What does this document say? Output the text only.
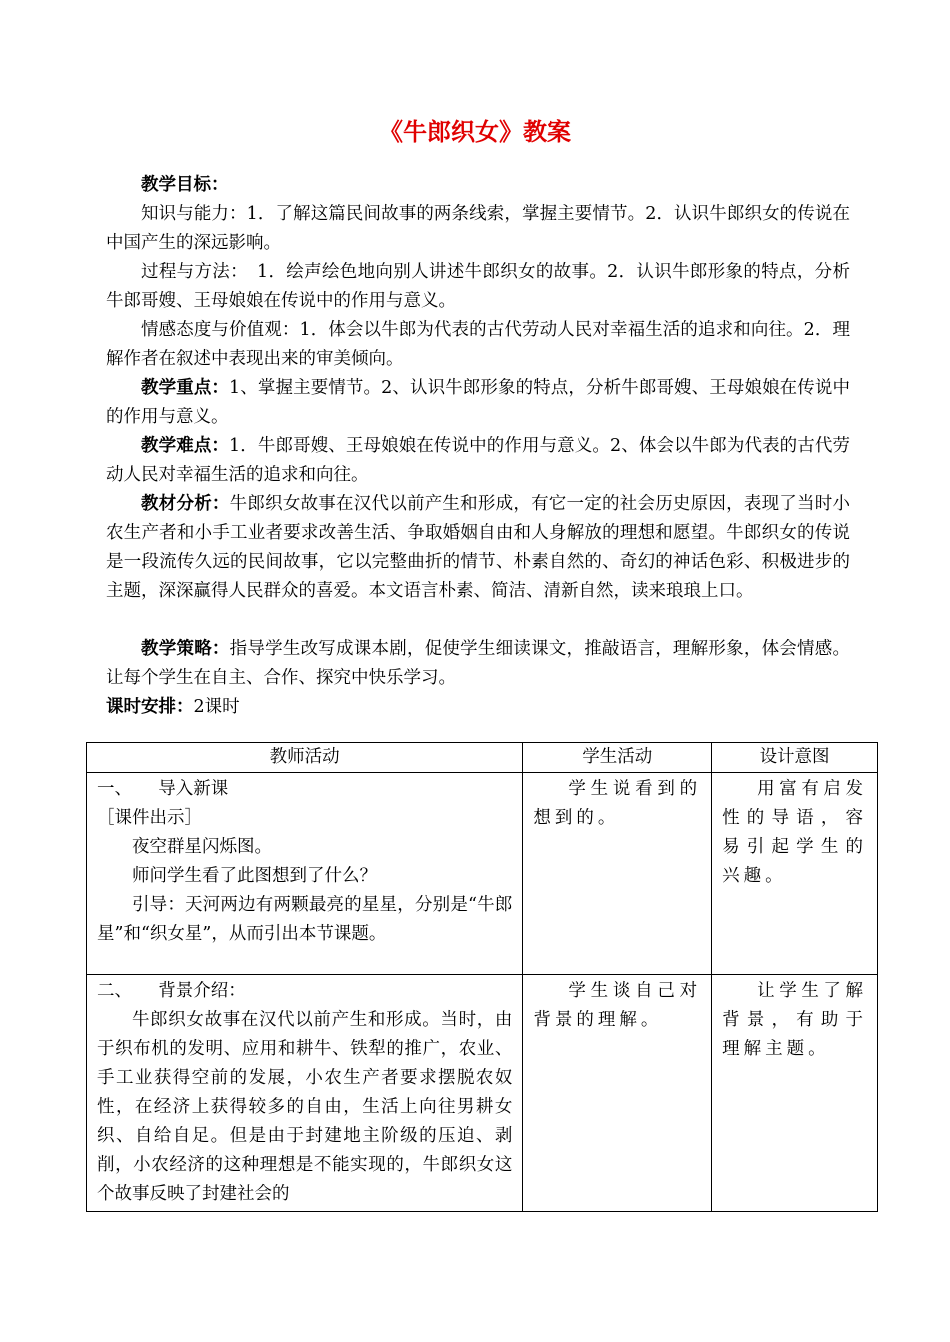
《牛郎织女》教案

教学目标：

知识与能力：1．了解这篇民间故事的两条线索，掌握主要情节。2．认识牛郎织女的传说在中国产生的深远影响。

过程与方法：　1．绘声绘色地向别人讲述牛郎织女的故事。2．认识牛郎形象的特点，分析牛郎哥嫂、王母娘娘在传说中的作用与意义。

情感态度与价值观：1．体会以牛郎为代表的古代劳动人民对幸福生活的追求和向往。2．理解作者在叙述中表现出来的审美倾向。

教学重点：1、掌握主要情节。2、认识牛郎形象的特点，分析牛郎哥嫂、王母娘娘在传说中的作用与意义。

教学难点：1．牛郎哥嫂、王母娘娘在传说中的作用与意义。2、体会以牛郎为代表的古代劳动人民对幸福生活的追求和向往。

教材分析：牛郎织女故事在汉代以前产生和形成，有它一定的社会历史原因，表现了当时小农生产者和小手工业者要求改善生活、争取婚姻自由和人身解放的理想和愿望。牛郎织女的传说是一段流传久远的民间故事，它以完整曲折的情节、朴素自然的、奇幻的神话色彩、积极进步的主题，深深赢得人民群众的喜爱。本文语言朴素、简洁、清新自然，读来琅琅上口。

教学策略：指导学生改写成课本剧，促使学生细读课文，推敲语言，理解形象，体会情感。让每个学生在自主、合作、探究中快乐学习。

课时安排：2课时

教师活动	学生活动	设计意图

一、　　导入新课

［课件出示］

夜空群星闪烁图。

师问学生看了此图想到了什么？

引导：天河两边有两颗最亮的星星，分别是“牛郎星”和“织女星”，从而引出本节课题。	学生说看到的想到的。	用富有启发性的导语，容易引起学生的兴趣。

二、　　背景介绍：

牛郎织女故事在汉代以前产生和形成。当时，由于织布机的发明、应用和耕牛、铁犁的推广，农业、手工业获得空前的发展，小农生产者要求摆脱农奴性，在经济上获得较多的自由，生活上向往男耕女织、自给自足。但是由于封建地主阶级的压迫、剥削，小农经济的这种理想是不能实现的，牛郎织女这个故事反映了封建社会的	学生谈自己对背景的理解。	让学生了解背景，有助于理解主题。
